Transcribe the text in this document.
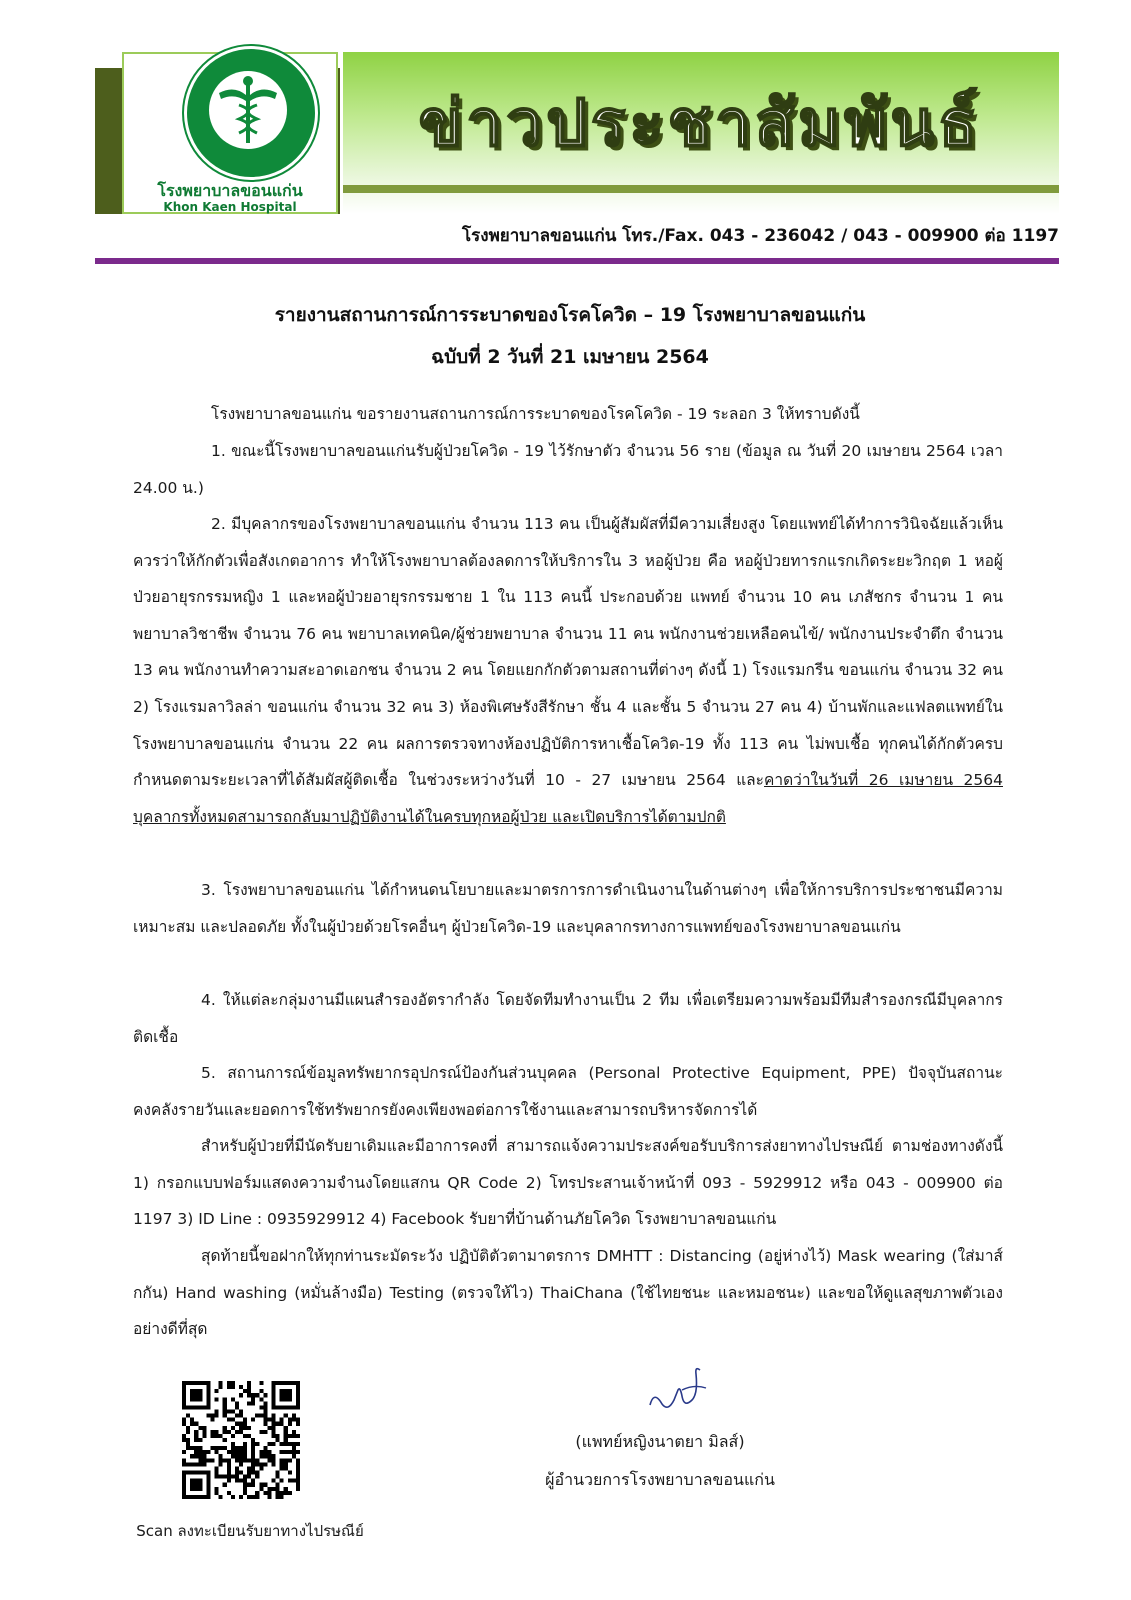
โรงพยาบาลขอนแก่น
Khon Kaen Hospital
ข่าวประชาสัมพันธ์
โรงพยาบาลขอนแก่น โทร./Fax. 043 - 236042 / 043 - 009900 ต่อ 1197
รายงานสถานการณ์การระบาดของโรคโควิด – 19 โรงพยาบาลขอนแก่น
ฉบับที่ 2 วันที่ 21 เมษายน 2564

โรงพยาบาลขอนแก่น ขอรายงานสถานการณ์การระบาดของโรคโควิด - 19 ระลอก 3 ให้ทราบดังนี้

1. ขณะนี้โรงพยาบาลขอนแก่นรับผู้ป่วยโควิด - 19 ไว้รักษาตัว จำนวน 56 ราย (ข้อมูล ณ วันที่ 20 เมษายน 2564 เวลา 24.00 น.)

2. มีบุคลากรของโรงพยาบาลขอนแก่น จำนวน 113 คน เป็นผู้สัมผัสที่มีความเสี่ยงสูง โดยแพทย์ได้ทำการวินิจฉัยแล้วเห็นควรว่าให้กักตัวเพื่อสังเกตอาการ ทำให้โรงพยาบาลต้องลดการให้บริการใน 3 หอผู้ป่วย คือ หอผู้ป่วยทารกแรกเกิดระยะวิกฤต 1 หอผู้ป่วยอายุรกรรมหญิง 1 และหอผู้ป่วยอายุรกรรมชาย 1 ใน 113 คนนี้ ประกอบด้วย แพทย์ จำนวน 10 คน เภสัชกร จำนวน 1 คน พยาบาลวิชาชีพ จำนวน 76 คน พยาบาลเทคนิค/ผู้ช่วยพยาบาล จำนวน 11 คน พนักงานช่วยเหลือคนไข้/ พนักงานประจำตึก จำนวน 13 คน พนักงานทำความสะอาดเอกชน จำนวน 2 คน โดยแยกกักตัวตามสถานที่ต่างๆ ดังนี้ 1) โรงแรมกรีน ขอนแก่น จำนวน 32 คน 2) โรงแรมลาวิลล่า ขอนแก่น จำนวน 32 คน 3) ห้องพิเศษรังสีรักษา ชั้น 4 และชั้น 5 จำนวน 27 คน 4) บ้านพักและแฟลตแพทย์ในโรงพยาบาลขอนแก่น จำนวน 22 คน ผลการตรวจทางห้องปฏิบัติการหาเชื้อโควิด-19 ทั้ง 113 คน ไม่พบเชื้อ ทุกคนได้กักตัวครบกำหนดตามระยะเวลาที่ได้สัมผัสผู้ติดเชื้อ ในช่วงระหว่างวันที่ 10 - 27 เมษายน 2564 และคาดว่าในวันที่ 26 เมษายน 2564 บุคลากรทั้งหมดสามารถกลับมาปฏิบัติงานได้ในครบทุกหอผู้ป่วย และเปิดบริการได้ตามปกติ

3. โรงพยาบาลขอนแก่น ได้กำหนดนโยบายและมาตรการการดำเนินงานในด้านต่างๆ เพื่อให้การบริการประชาชนมีความเหมาะสม และปลอดภัย ทั้งในผู้ป่วยด้วยโรคอื่นๆ ผู้ป่วยโควิด-19 และบุคลากรทางการแพทย์ของโรงพยาบาลขอนแก่น

4. ให้แต่ละกลุ่มงานมีแผนสำรองอัตรากำลัง โดยจัดทีมทำงานเป็น 2 ทีม เพื่อเตรียมความพร้อมมีทีมสำรองกรณีมีบุคลากรติดเชื้อ

5. สถานการณ์ข้อมูลทรัพยากรอุปกรณ์ป้องกันส่วนบุคคล (Personal Protective Equipment, PPE) ปัจจุบันสถานะคงคลังรายวันและยอดการใช้ทรัพยากรยังคงเพียงพอต่อการใช้งานและสามารถบริหารจัดการได้

สำหรับผู้ป่วยที่มีนัดรับยาเดิมและมีอาการคงที่ สามารถแจ้งความประสงค์ขอรับบริการส่งยาทางไปรษณีย์ ตามช่องทางดังนี้ 1) กรอกแบบฟอร์มแสดงความจำนงโดยแสกน QR Code 2) โทรประสานเจ้าหน้าที่ 093 - 5929912 หรือ 043 - 009900 ต่อ 1197 3) ID Line : 0935929912 4) Facebook รับยาที่บ้านด้านภัยโควิด โรงพยาบาลขอนแก่น

สุดท้ายนี้ขอฝากให้ทุกท่านระมัดระวัง ปฏิบัติตัวตามาตรการ DMHTT : Distancing (อยู่ห่างไว้) Mask wearing (ใส่มาส์กกัน) Hand washing (หมั่นล้างมือ) Testing (ตรวจให้ไว) ThaiChana (ใช้ไทยชนะ และหมอชนะ) และขอให้ดูแลสุขภาพตัวเองอย่างดีที่สุด

Scan ลงทะเบียนรับยาทางไปรษณีย์
(แพทย์หญิงนาตยา มิลส์)
ผู้อำนวยการโรงพยาบาลขอนแก่น
